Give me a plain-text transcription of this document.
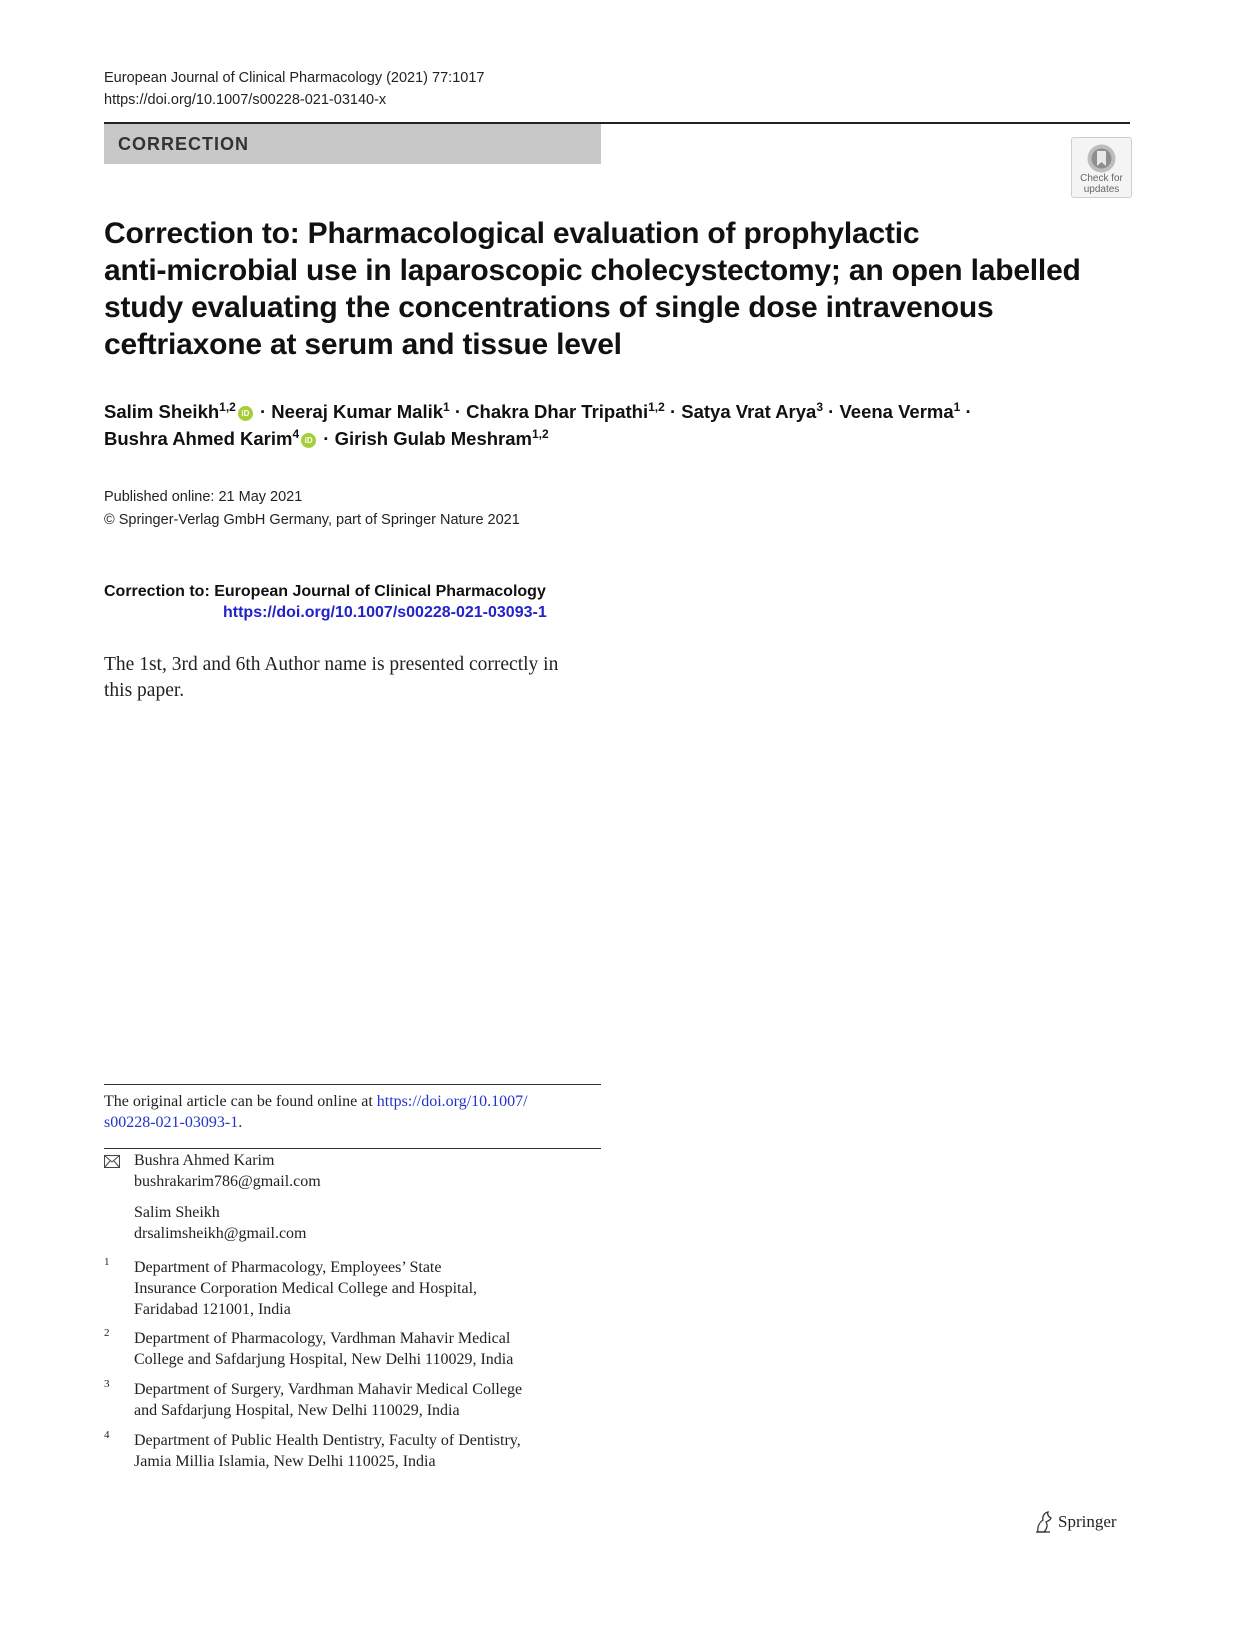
European Journal of Clinical Pharmacology (2021) 77:1017
https://doi.org/10.1007/s00228-021-03140-x
CORRECTION
Check for
updates
Correction to: Pharmacological evaluation of prophylactic
anti-microbial use in laparoscopic cholecystectomy; an open labelled
study evaluating the concentrations of single dose intravenous
ceftriaxone at serum and tissue level
Salim Sheikh$^{1,2}$ iD · Neeraj Kumar Malik$^1$ · Chakra Dhar Tripathi$^{1,2}$ · Satya Vrat Arya$^3$ · Veena Verma$^1$ ·
Bushra Ahmed Karim$^4$ iD · Girish Gulab Meshram$^{1,2}$
Published online: 21 May 2021
© Springer-Verlag GmbH Germany, part of Springer Nature 2021
Correction to: European Journal of Clinical Pharmacology
https://doi.org/10.1007/s00228-021-03093-1
The 1st, 3rd and 6th Author name is presented correctly in
this paper.
The original article can be found online at https://doi.org/10.1007/
s00228-021-03093-1.
Bushra Ahmed Karim
bushrakarim786@gmail.com
Salim Sheikh
drsalimsheikh@gmail.com
1 Department of Pharmacology, Employees’ State
Insurance Corporation Medical College and Hospital,
Faridabad 121001, India
2 Department of Pharmacology, Vardhman Mahavir Medical
College and Safdarjung Hospital, New Delhi 110029, India
3 Department of Surgery, Vardhman Mahavir Medical College
and Safdarjung Hospital, New Delhi 110029, India
4 Department of Public Health Dentistry, Faculty of Dentistry,
Jamia Millia Islamia, New Delhi 110025, India
Springer
